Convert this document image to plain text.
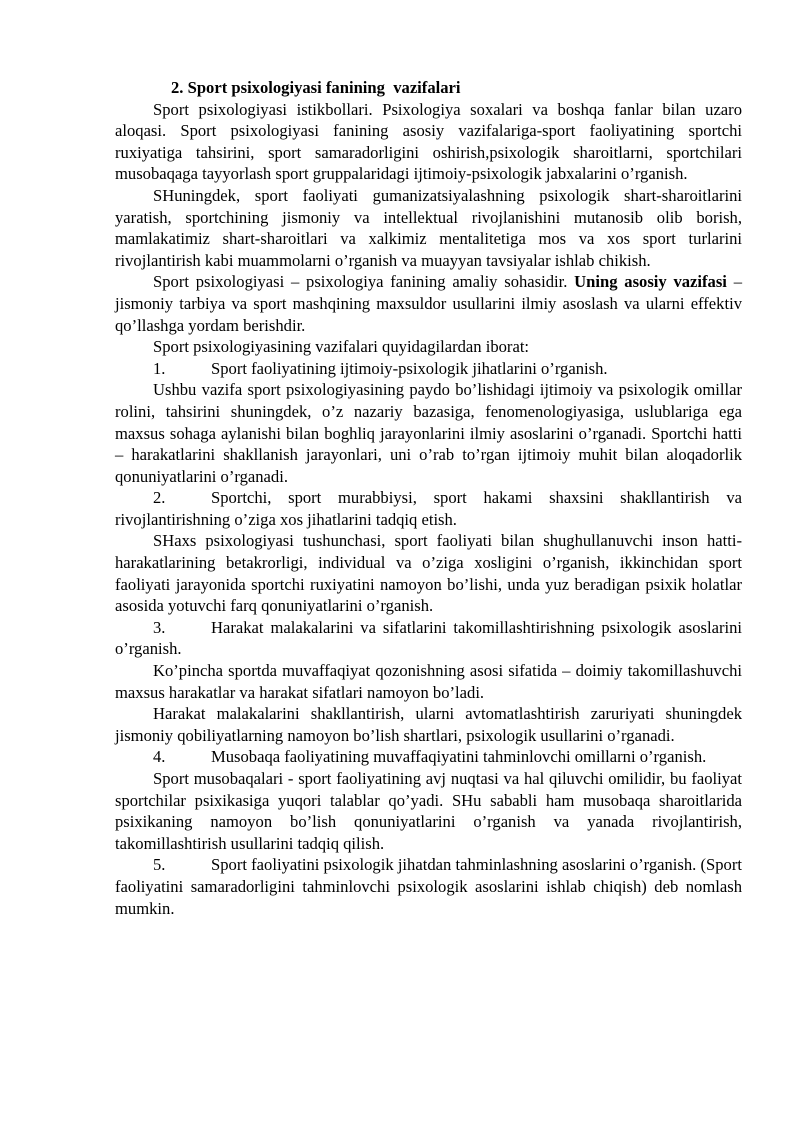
2. Sport psixologiyasi fanining  vazifalari

Sport psixologiyasi istikbollari. Psixologiya soxalari va boshqa fanlar bilan uzaro aloqasi. Sport psixologiyasi fanining asosiy vazifalariga-sport faoliyatining sportchi ruxiyatiga tahsirini, sport samaradorligini oshirish,psixologik sharoitlarni, sportchilari musobaqaga tayyorlash sport gruppalaridagi ijtimoiy-psixologik jabxalarini o’rganish.

SHuningdek, sport faoliyati gumanizatsiyalashning psixologik shart-sharoitlarini yaratish, sportchining jismoniy va intellektual rivojlanishini mutanosib olib borish, mamlakatimiz shart-sharoitlari va xalkimiz mentalitetiga mos va xos sport turlarini rivojlantirish kabi muammolarni o’rganish va muayyan tavsiyalar ishlab chikish.

Sport psixologiyasi – psixologiya fanining amaliy sohasidir. Uning asosiy vazifasi – jismoniy tarbiya va sport mashqining maxsuldor usullarini ilmiy asoslash va ularni effektiv qo’llashga yordam berishdir.

Sport psixologiyasining vazifalari quyidagilardan iborat:

1.	Sport faoliyatining ijtimoiy-psixologik jihatlarini o’rganish.

Ushbu vazifa sport psixologiyasining paydo bo’lishidagi ijtimoiy va psixologik omillar rolini, tahsirini shuningdek, o’z nazariy bazasiga, fenomenologiyasiga, uslublariga ega maxsus sohaga aylanishi bilan boghliq jarayonlarini ilmiy asoslarini o’rganadi. Sportchi hatti – harakatlarini shakllanish jarayonlari, uni o’rab to’rgan ijtimoiy muhit bilan aloqadorlik qonuniyatlarini o’rganadi.

2.	Sportchi, sport murabbiysi, sport hakami shaxsini shakllantirish va rivojlantirishning o’ziga xos jihatlarini tadqiq etish.

SHaxs psixologiyasi tushunchasi, sport faoliyati bilan shughullanuvchi inson hatti-harakatlarining betakrorligi, individual va o’ziga xosligini o’rganish, ikkinchidan sport faoliyati jarayonida sportchi ruxiyatini namoyon bo’lishi, unda yuz beradigan psixik holatlar asosida yotuvchi farq qonuniyatlarini o’rganish.

3.	Harakat malakalarini va sifatlarini takomillashtirishning psixologik asoslarini o’rganish.

Ko’pincha sportda muvaffaqiyat qozonishning asosi sifatida – doimiy takomillashuvchi maxsus harakatlar va harakat sifatlari namoyon bo’ladi.

Harakat malakalarini shakllantirish, ularni avtomatlashtirish zaruriyati shuningdek jismoniy qobiliyatlarning namoyon bo’lish shartlari, psixologik usullarini o’rganadi.

4.	Musobaqa faoliyatining muvaffaqiyatini tahminlovchi omillarni o’rganish.

Sport musobaqalari - sport faoliyatining avj nuqtasi va hal qiluvchi omilidir, bu faoliyat sportchilar psixikasiga yuqori talablar qo’yadi. SHu sababli ham musobaqa sharoitlarida psixikaning namoyon bo’lish qonuniyatlarini o’rganish va yanada rivojlantirish, takomillashtirish usullarini tadqiq qilish.

5.	Sport faoliyatini psixologik jihatdan tahminlashning asoslarini o’rganish. (Sport faoliyatini samaradorligini tahminlovchi psixologik asoslarini ishlab chiqish) deb nomlash mumkin.
